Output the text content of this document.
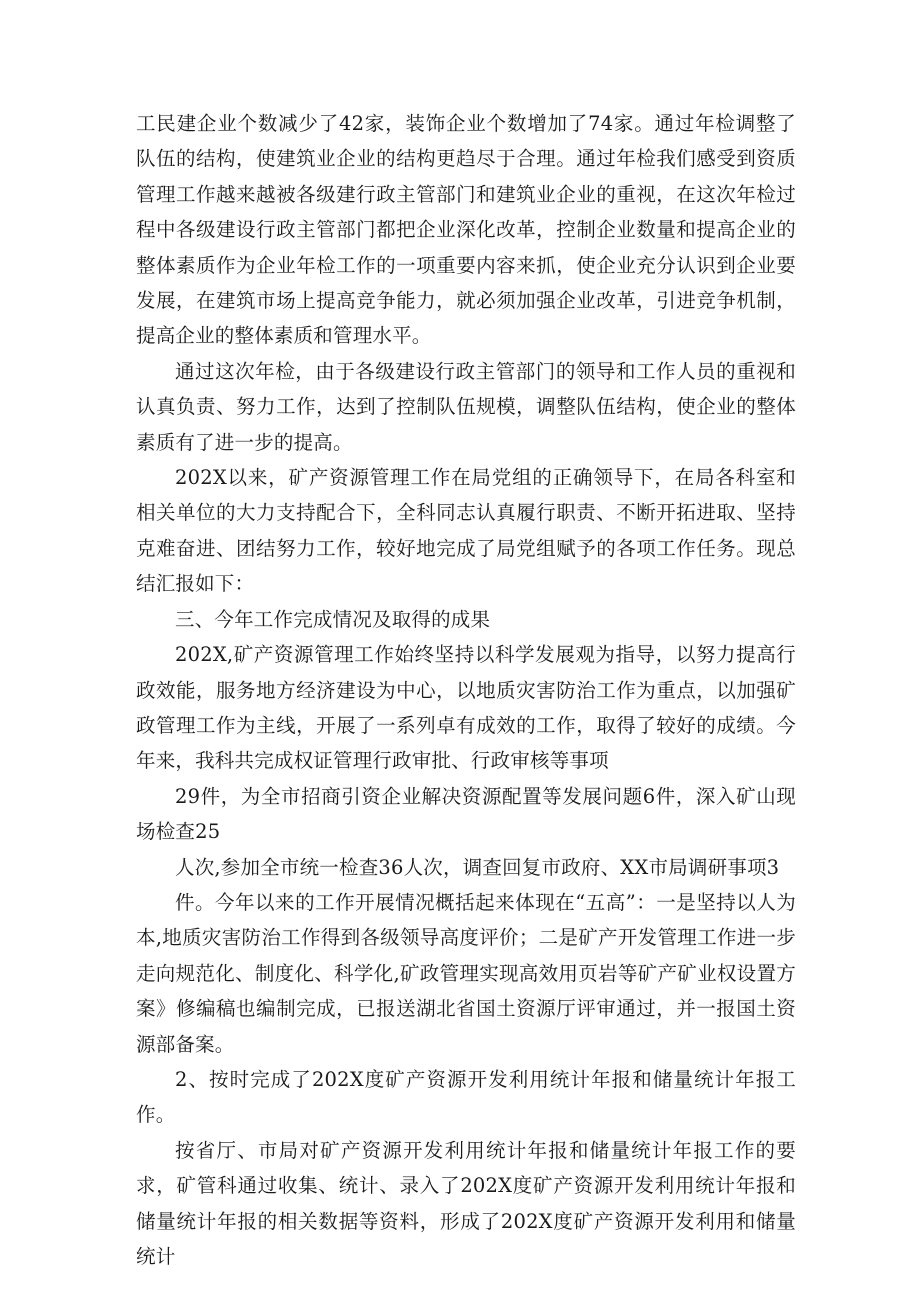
工民建企业个数减少了42家，装饰企业个数增加了74家。通过年检调整了队伍的结构，使建筑业企业的结构更趋尽于合理。通过年检我们感受到资质管理工作越来越被各级建行政主管部门和建筑业企业的重视，在这次年检过程中各级建设行政主管部门都把企业深化改革，控制企业数量和提高企业的整体素质作为企业年检工作的一项重要内容来抓，使企业充分认识到企业要发展，在建筑市场上提高竞争能力，就必须加强企业改革，引进竞争机制，提高企业的整体素质和管理水平。

通过这次年检，由于各级建设行政主管部门的领导和工作人员的重视和认真负责、努力工作，达到了控制队伍规模，调整队伍结构，使企业的整体素质有了进一步的提高。

202X以来，矿产资源管理工作在局党组的正确领导下，在局各科室和相关单位的大力支持配合下，全科同志认真履行职责、不断开拓进取、坚持克难奋进、团结努力工作，较好地完成了局党组赋予的各项工作任务。现总结汇报如下：

三、今年工作完成情况及取得的成果

202X,矿产资源管理工作始终坚持以科学发展观为指导，以努力提高行政效能，服务地方经济建设为中心，以地质灾害防治工作为重点，以加强矿政管理工作为主线，开展了一系列卓有成效的工作，取得了较好的成绩。今年来，我科共完成权证管理行政审批、行政审核等事项

29件，为全市招商引资企业解决资源配置等发展问题6件，深入矿山现场检查25

人次,参加全市统一检查36人次，调查回复市政府、XX市局调研事项3

件。今年以来的工作开展情况概括起来体现在“五高”：一是坚持以人为本,地质灾害防治工作得到各级领导高度评价；二是矿产开发管理工作进一步走向规范化、制度化、科学化,矿政管理实现高效用页岩等矿产矿业权设置方案》修编稿也编制完成，已报送湖北省国土资源厅评审通过，并一报国土资源部备案。

2、按时完成了202X度矿产资源开发利用统计年报和储量统计年报工作。

按省厅、市局对矿产资源开发利用统计年报和储量统计年报工作的要求，矿管科通过收集、统计、录入了202X度矿产资源开发利用统计年报和储量统计年报的相关数据等资料，形成了202X度矿产资源开发利用和储量统计
